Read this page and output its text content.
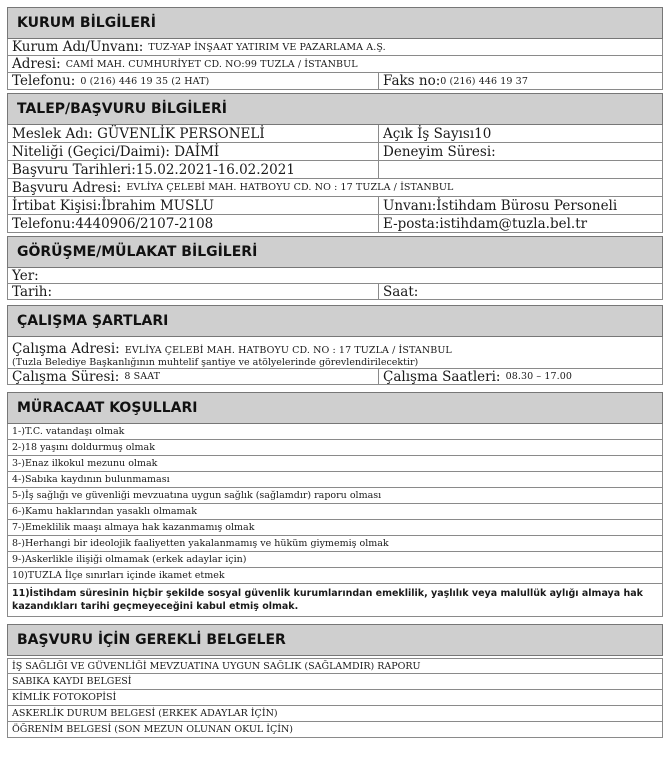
KURUM BİLGİLERİ
Kurum Adı/Unvanı:
TUZ-YAP İNŞAAT YATIRIM VE PAZARLAMA A.Ş.
Adresi:
CAMİ MAH. CUMHURİYET CD. NO:99 TUZLA / İSTANBUL
Telefonu:
0 (216) 446 19 35 (2 HAT)	Faks no: 0 (216) 446 19 37
TALEP/BAŞVURU BİLGİLERİ
Meslek Adı: GÜVENLİK PERSONELİ	Açık İş Sayısı10
Niteliği (Geçici/Daimi): DAİMİ	Deneyim Süresi:
Başvuru Tarihleri:15.02.2021-16.02.2021
Başvuru Adresi:
EVLİYA ÇELEBİ MAH. HATBOYU CD. NO : 17 TUZLA / İSTANBUL
İrtibat Kişisi:İbrahim MUSLU	Unvanı:İstihdam Bürosu Personeli
Telefonu:4440906/2107-2108	E-posta:istihdam@tuzla.bel.tr
GÖRÜŞME/MÜLAKAT BİLGİLERİ
Yer:
Tarih:	Saat:
ÇALIŞMA ŞARTLARI
Çalışma Adresi: EVLİYA ÇELEBİ MAH. HATBOYU CD. NO : 17 TUZLA / İSTANBUL
(Tuzla Belediye Başkanlığının muhtelif şantiye ve atölyelerinde görevlendirilecektir)
Çalışma Süresi:
8 SAAT	Çalışma Saatleri:
08.30 – 17.00
MÜRACAAT KOŞULLARI
1-)T.C. vatandaşı olmak
2-)18 yaşını doldurmuş olmak
3-)Enaz ilkokul mezunu olmak
4-)Sabıka kaydının bulunmaması
5-)İş sağlığı ve güvenliği mevzuatına uygun sağlık (sağlamdır) raporu olması
6-)Kamu haklarından yasaklı olmamak
7-)Emeklilik maaşı almaya hak kazanmamış olmak
8-)Herhangi bir ideolojik faaliyetten yakalanmamış ve hüküm giymemiş olmak
9-)Askerlikle ilişiği olmamak (erkek adaylar için)
10)TUZLA İlçe sınırları içinde ikamet etmek
11)İstihdam süresinin hiçbir şekilde sosyal güvenlik kurumlarından emeklilik, yaşlılık veya malullük aylığı almaya hak kazandıkları tarihi geçmeyeceğini kabul etmiş olmak.
BAŞVURU İÇİN GEREKLİ BELGELER
İŞ SAĞLIĞI VE GÜVENLİĞİ MEVZUATINA UYGUN SAĞLIK (SAĞLAMDIR) RAPORU
SABIKA KAYDI BELGESİ
KİMLİK FOTOKOPİSİ
ASKERLİK DURUM BELGESİ (ERKEK ADAYLAR İÇİN)
ÖĞRENİM BELGESİ (SON MEZUN OLUNAN OKUL İÇİN)
